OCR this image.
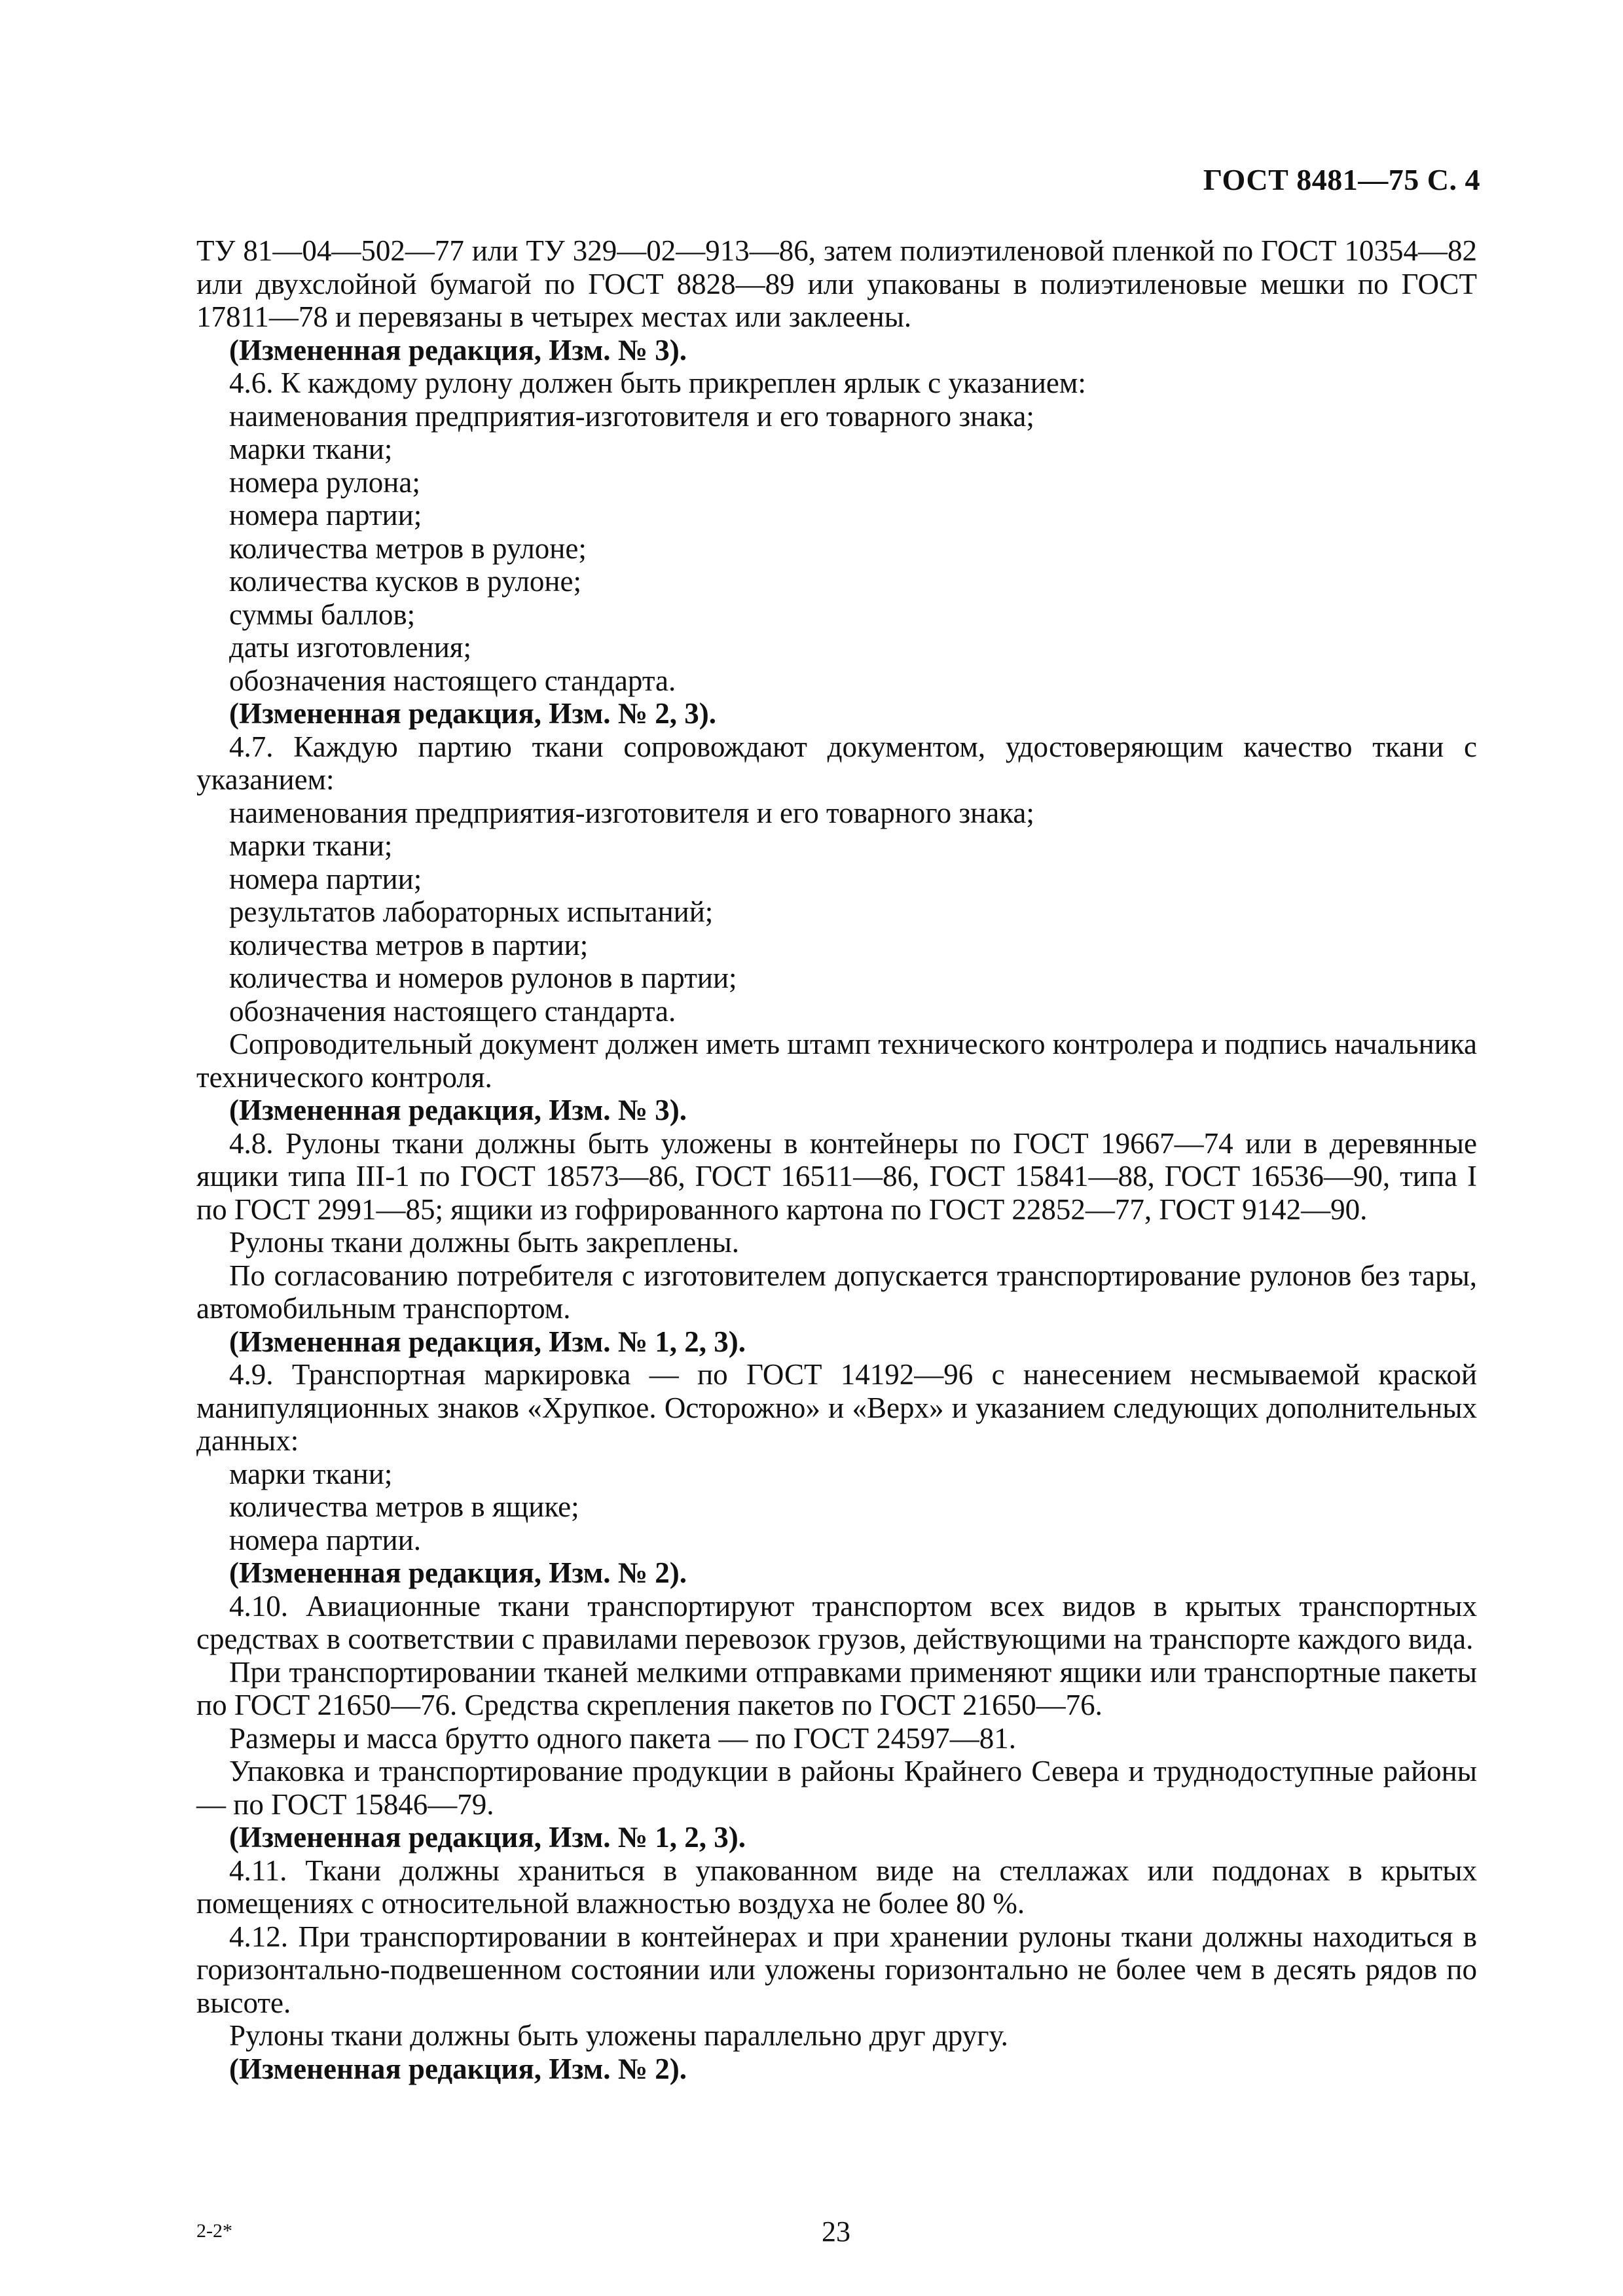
ГОСТ 8481—75 С. 4

ТУ 81—04—502—77 или ТУ 329—02—913—86, затем полиэтиленовой пленкой по ГОСТ 10354—82 или двухслойной бумагой по ГОСТ 8828—89 или упакованы в полиэтиленовые мешки по ГОСТ 17811—78 и перевязаны в четырех местах или заклеены.

(Измененная редакция, Изм. № 3).

4.6. К каждому рулону должен быть прикреплен ярлык с указанием:

наименования предприятия-изготовителя и его товарного знака;

марки ткани;

номера рулона;

номера партии;

количества метров в рулоне;

количества кусков в рулоне;

суммы баллов;

даты изготовления;

обозначения настоящего стандарта.

(Измененная редакция, Изм. № 2, 3).

4.7. Каждую партию ткани сопровождают документом, удостоверяющим качество ткани с указанием:

наименования предприятия-изготовителя и его товарного знака;

марки ткани;

номера партии;

результатов лабораторных испытаний;

количества метров в партии;

количества и номеров рулонов в партии;

обозначения настоящего стандарта.

Сопроводительный документ должен иметь штамп технического контролера и подпись начальника технического контроля.

(Измененная редакция, Изм. № 3).

4.8. Рулоны ткани должны быть уложены в контейнеры по ГОСТ 19667—74 или в деревянные ящики типа III-1 по ГОСТ 18573—86, ГОСТ 16511—86, ГОСТ 15841—88, ГОСТ 16536—90, типа I по ГОСТ 2991—85; ящики из гофрированного картона по ГОСТ 22852—77, ГОСТ 9142—90.

Рулоны ткани должны быть закреплены.

По согласованию потребителя с изготовителем допускается транспортирование рулонов без тары, автомобильным транспортом.

(Измененная редакция, Изм. № 1, 2, 3).

4.9. Транспортная маркировка — по ГОСТ 14192—96 с нанесением несмываемой краской манипуляционных знаков «Хрупкое. Осторожно» и «Верх» и указанием следующих дополнительных данных:

марки ткани;

количества метров в ящике;

номера партии.

(Измененная редакция, Изм. № 2).

4.10. Авиационные ткани транспортируют транспортом всех видов в крытых транспортных средствах в соответствии с правилами перевозок грузов, действующими на транспорте каждого вида.

При транспортировании тканей мелкими отправками применяют ящики или транспортные пакеты по ГОСТ 21650—76. Средства скрепления пакетов по ГОСТ 21650—76.

Размеры и масса брутто одного пакета — по ГОСТ 24597—81.

Упаковка и транспортирование продукции в районы Крайнего Севера и труднодоступные районы — по ГОСТ 15846—79.

(Измененная редакция, Изм. № 1, 2, 3).

4.11. Ткани должны храниться в упакованном виде на стеллажах или поддонах в крытых помещениях с относительной влажностью воздуха не более 80 %.

4.12. При транспортировании в контейнерах и при хранении рулоны ткани должны находиться в горизонтально-подвешенном состоянии или уложены горизонтально не более чем в десять рядов по высоте.

Рулоны ткани должны быть уложены параллельно друг другу.

(Измененная редакция, Изм. № 2).

2-2*	23
